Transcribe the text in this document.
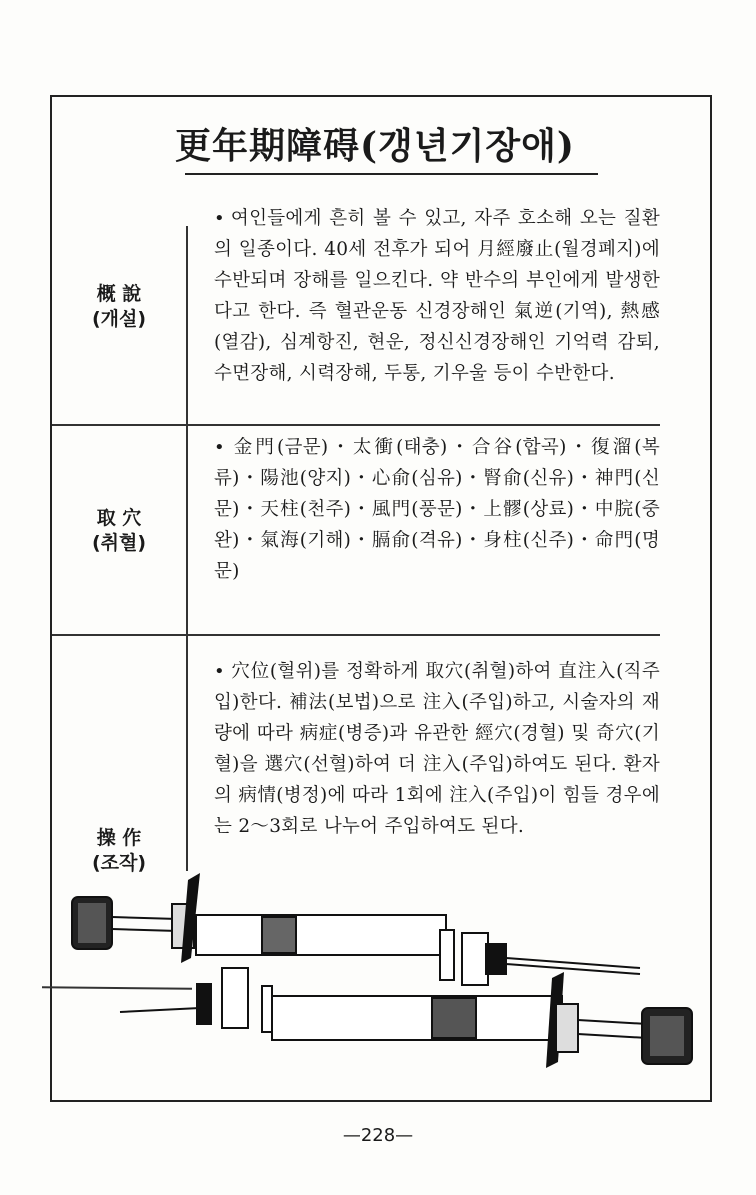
更年期障碍(갱년기장애)
概 說
(개설)
• 여인들에게 흔히 볼 수 있고, 자주 호소해 오는 질환의 일종이다. 40세 전후가 되어 月經廢止(월경폐지)에 수반되며 장해를 일으킨다. 약 반수의 부인에게 발생한다고 한다. 즉 혈관운동 신경장해인 氣逆(기역), 熱感(열감), 심계항진, 현운, 정신신경장해인 기억력 감퇴, 수면장해, 시력장해, 두통, 기우울 등이 수반한다.
取 穴
(취혈)
• 金門(금문)・太衝(태충)・合谷(합곡)・復溜(복류)・陽池(양지)・心俞(심유)・腎俞(신유)・神門(신문)・天柱(천주)・風門(풍문)・上髎(상료)・中脘(중완)・氣海(기해)・膈俞(격유)・身柱(신주)・命門(명문)
操 作
(조작)
• 穴位(혈위)를 정확하게 取穴(취혈)하여 直注入(직주입)한다. 補法(보법)으로 注入(주입)하고, 시술자의 재량에 따라 病症(병증)과 유관한 經穴(경혈) 및 奇穴(기혈)을 選穴(선혈)하여 더 注入(주입)하여도 된다. 환자의 病情(병정)에 따라 1회에 注入(주입)이 힘들 경우에는 2〜3회로 나누어 주입하여도 된다.
—228—
